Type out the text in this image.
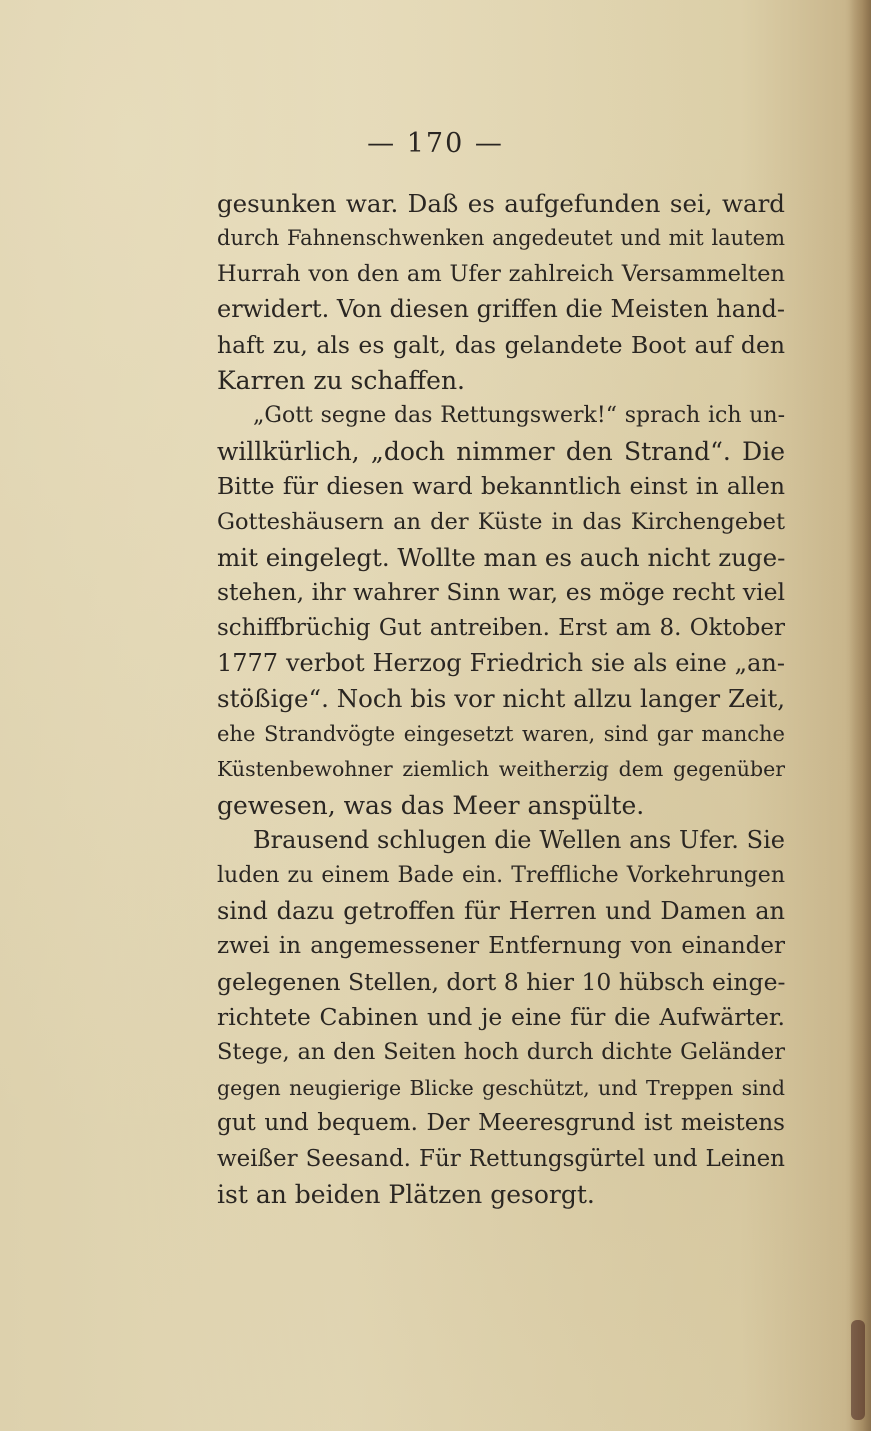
— 170 —
gesunken war. Daß es aufgefunden sei, ward
durch Fahnenschwenken angedeutet und mit lautem
Hurrah von den am Ufer zahlreich Versammelten
erwidert. Von diesen griffen die Meisten hand-
haft zu, als es galt, das gelandete Boot auf den
Karren zu schaffen.
„Gott segne das Rettungswerk!“ sprach ich un-
willkürlich, „doch nimmer den Strand“. Die
Bitte für diesen ward bekanntlich einst in allen
Gotteshäusern an der Küste in das Kirchengebet
mit eingelegt. Wollte man es auch nicht zuge-
stehen, ihr wahrer Sinn war, es möge recht viel
schiffbrüchig Gut antreiben. Erst am 8. Oktober
1777 verbot Herzog Friedrich sie als eine „an-
stößige“. Noch bis vor nicht allzu langer Zeit,
ehe Strandvögte eingesetzt waren, sind gar manche
Küstenbewohner ziemlich weitherzig dem gegenüber
gewesen, was das Meer anspülte.
Brausend schlugen die Wellen ans Ufer. Sie
luden zu einem Bade ein. Treffliche Vorkehrungen
sind dazu getroffen für Herren und Damen an
zwei in angemessener Entfernung von einander
gelegenen Stellen, dort 8 hier 10 hübsch einge-
richtete Cabinen und je eine für die Aufwärter.
Stege, an den Seiten hoch durch dichte Geländer
gegen neugierige Blicke geschützt, und Treppen sind
gut und bequem. Der Meeresgrund ist meistens
weißer Seesand. Für Rettungsgürtel und Leinen
ist an beiden Plätzen gesorgt.
